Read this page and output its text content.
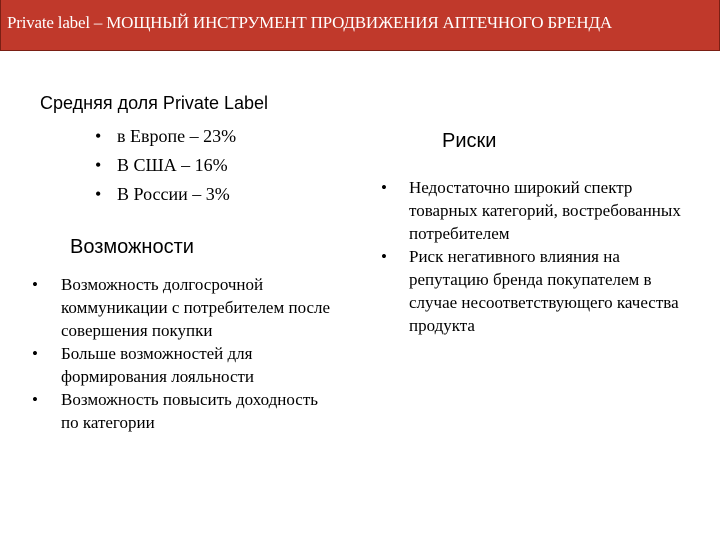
Private label – МОЩНЫЙ ИНСТРУМЕНТ ПРОДВИЖЕНИЯ АПТЕЧНОГО БРЕНДА
Средняя доля Private Label
• в Европе – 23%
• В США – 16%
• В России – 3%
Возможности
•	Возможность долгосрочной коммуникации с потребителем после совершения покупки
•	Больше возможностей для формирования лояльности
•	Возможность повысить доходность по категории
Риски
•	Недостаточно широкий спектр товарных категорий, востребованных потребителем
•	Риск негативного влияния на репутацию бренда покупателем в случае несоответствующего качества продукта
